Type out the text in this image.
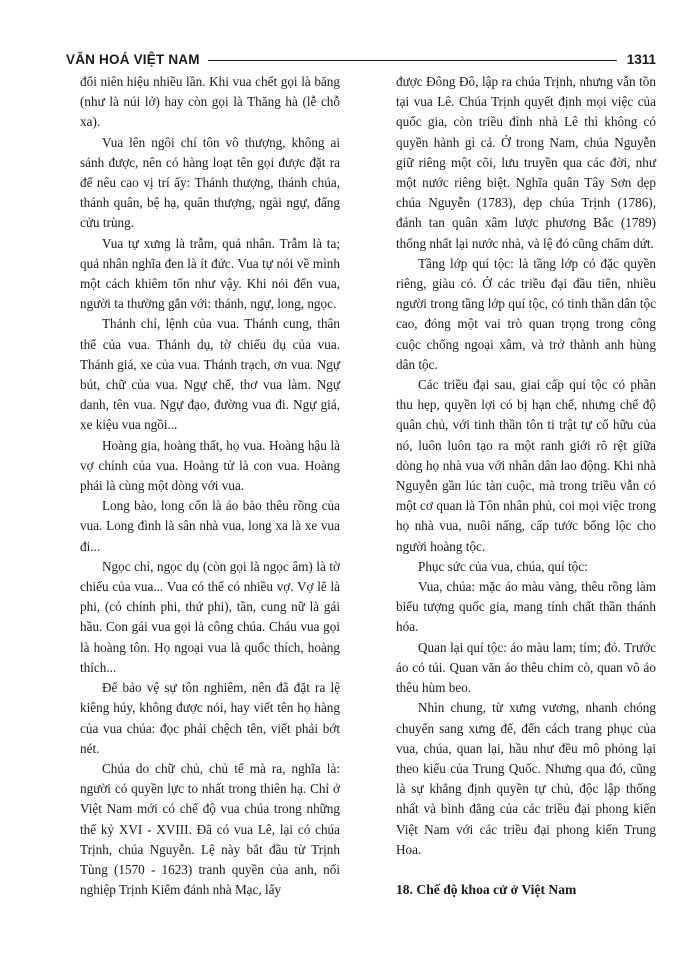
VĂN HOÁ VIỆT NAM	1311

đổi niên hiệu nhiều lần. Khi vua chết gọi là băng (như là núi lở) hay còn gọi là Thăng hà (lễ chỗ xa).

Vua lên ngôi chí tôn vô thượng, không ai sánh được, nên có hàng loạt tên gọi được đặt ra để nêu cao vị trí ấy: Thánh thượng, thánh chúa, thánh quân, bệ hạ, quân thượng, ngài ngự, đấng cửu trùng.

Vua tự xưng là trẫm, quả nhân. Trẫm là ta; quả nhân nghĩa đen là ít đức. Vua tự nói về mình một cách khiêm tốn như vậy. Khi nói đến vua, người ta thường gắn với: thánh, ngự, long, ngọc.

Thánh chỉ, lệnh của vua. Thánh cung, thân thể của vua. Thánh dụ, tờ chiếu dụ của vua. Thánh giá, xe của vua. Thánh trạch, ơn vua. Ngự bút, chữ của vua. Ngự chế, thơ vua làm. Ngự danh, tên vua. Ngự đạo, đường vua đi. Ngự giá, xe kiệu vua ngồi...

Hoàng gia, hoàng thất, họ vua. Hoàng hậu là vợ chính của vua. Hoàng tử là con vua. Hoàng phái là cùng một dòng với vua.

Long bào, long cổn là áo bào thêu rồng của vua. Long đình là sân nhà vua, long xa là xe vua đi...

Ngọc chỉ, ngọc dụ (còn gọi là ngọc âm) là tờ chiếu của vua... Vua có thể có nhiều vợ. Vợ lẽ là phi, (có chính phi, thứ phi), tần, cung nữ là gái hầu. Con gái vua gọi là công chúa. Cháu vua gọi là hoàng tôn. Họ ngoại vua là quốc thích, hoàng thích...

Để bảo vệ sự tôn nghiêm, nên đã đặt ra lệ kiêng húy, không được nói, hay viết tên họ hàng của vua chúa: đọc phải chệch tên, viết phải bớt nét.

Chúa do chữ chủ, chủ tể mà ra, nghĩa là: người có quyền lực to nhất trong thiên hạ. Chỉ ở Việt Nam mới có chế độ vua chúa trong những thế kỷ XVI - XVIII. Đã có vua Lê, lại có chúa Trịnh, chúa Nguyễn. Lệ này bắt đầu từ Trịnh Tùng (1570 - 1623) tranh quyền của anh, nối nghiệp Trịnh Kiểm đánh nhà Mạc, lấy

được Đông Đô, lập ra chúa Trịnh, nhưng vẫn tồn tại vua Lê. Chúa Trịnh quyết định mọi việc của quốc gia, còn triều đình nhà Lê thì không có quyền hành gì cả. Ở trong Nam, chúa Nguyễn giữ riêng một cõi, lưu truyền qua các đời, như một nước riêng biệt. Nghĩa quân Tây Sơn dẹp chúa Nguyễn (1783), dẹp chúa Trịnh (1786), đánh tan quân xâm lược phương Bắc (1789) thống nhất lại nước nhà, và lệ đó cũng chấm dứt.

Tầng lớp quí tộc: là tầng lớp có đặc quyền riêng, giàu có. Ở các triều đại đầu tiên, nhiều người trong tầng lớp quí tộc, có tinh thần dân tộc cao, đóng một vai trò quan trọng trong công cuộc chống ngoại xâm, và trở thành anh hùng dân tộc.

Các triều đại sau, giai cấp quí tộc có phần thu hẹp, quyền lợi có bị hạn chế, nhưng chế độ quân chủ, với tinh thần tôn ti trật tự cố hữu của nó, luôn luôn tạo ra một ranh giới rõ rệt giữa dòng họ nhà vua với nhân dân lao động. Khi nhà Nguyễn gần lúc tàn cuộc, mà trong triều vẫn có một cơ quan là Tôn nhân phủ, coi mọi việc trong họ nhà vua, nuôi nấng, cấp tước bổng lộc cho người hoàng tộc.

Phục sức của vua, chúa, quí tộc:

Vua, chúa: mặc áo màu vàng, thêu rồng làm biểu tượng quốc gia, mang tính chất thần thánh hóa.

Quan lại quí tộc: áo màu lam; tím; đỏ. Trước áo có túi. Quan văn áo thêu chim cò, quan võ áo thêu hùm beo.

Nhìn chung, từ xưng vương, nhanh chóng chuyển sang xưng đế, đến cách trang phục của vua, chúa, quan lại, hầu như đều mô phỏng lại theo kiểu của Trung Quốc. Nhưng qua đó, cũng là sự khẳng định quyền tự chủ, độc lập thống nhất và bình đẳng của các triều đại phong kiến Việt Nam với các triều đại phong kiến Trung Hoa.

18. Chế độ khoa cử ở Việt Nam
